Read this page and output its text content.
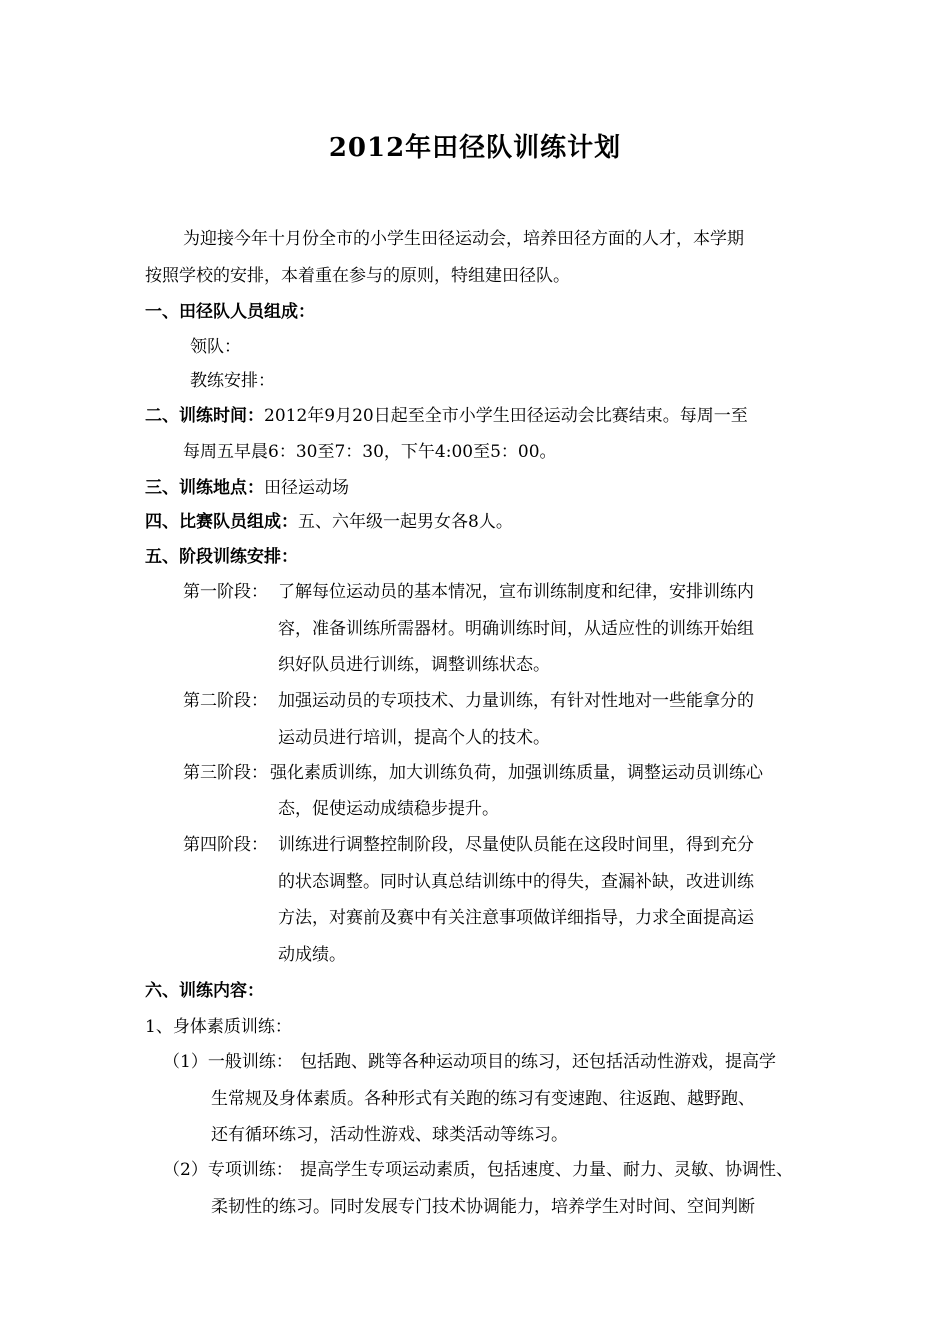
2012年田径队训练计划
为迎接今年十月份全市的小学生田径运动会，培养田径方面的人才，本学期
按照学校的安排，本着重在参与的原则，特组建田径队。
一、田径队人员组成：
领队：
教练安排：
二、训练时间：2012年9月20日起至全市小学生田径运动会比赛结束。每周一至
每周五早晨6：30至7：30，下午4:00至5：00。
三、训练地点：田径运动场
四、比赛队员组成：五、六年级一起男女各8人。
五、阶段训练安排：
第一阶段： 了解每位运动员的基本情况，宣布训练制度和纪律，安排训练内
容，准备训练所需器材。明确训练时间，从适应性的训练开始组
织好队员进行训练，调整训练状态。
第二阶段： 加强运动员的专项技术、力量训练，有针对性地对一些能拿分的
运动员进行培训，提高个人的技术。
第三阶段： 强化素质训练，加大训练负荷，加强训练质量，调整运动员训练心
态，促使运动成绩稳步提升。
第四阶段： 训练进行调整控制阶段，尽量使队员能在这段时间里，得到充分
的状态调整。同时认真总结训练中的得失，查漏补缺，改进训练
方法，对赛前及赛中有关注意事项做详细指导，力求全面提高运
动成绩。
六、训练内容：
1、身体素质训练：
（1）一般训练： 包括跑、跳等各种运动项目的练习，还包括活动性游戏，提高学
生常规及身体素质。各种形式有关跑的练习有变速跑、往返跑、越野跑、
还有循环练习，活动性游戏、球类活动等练习。
（2）专项训练： 提高学生专项运动素质，包括速度、力量、耐力、灵敏、协调性、
柔韧性的练习。同时发展专门技术协调能力，培养学生对时间、空间判断
